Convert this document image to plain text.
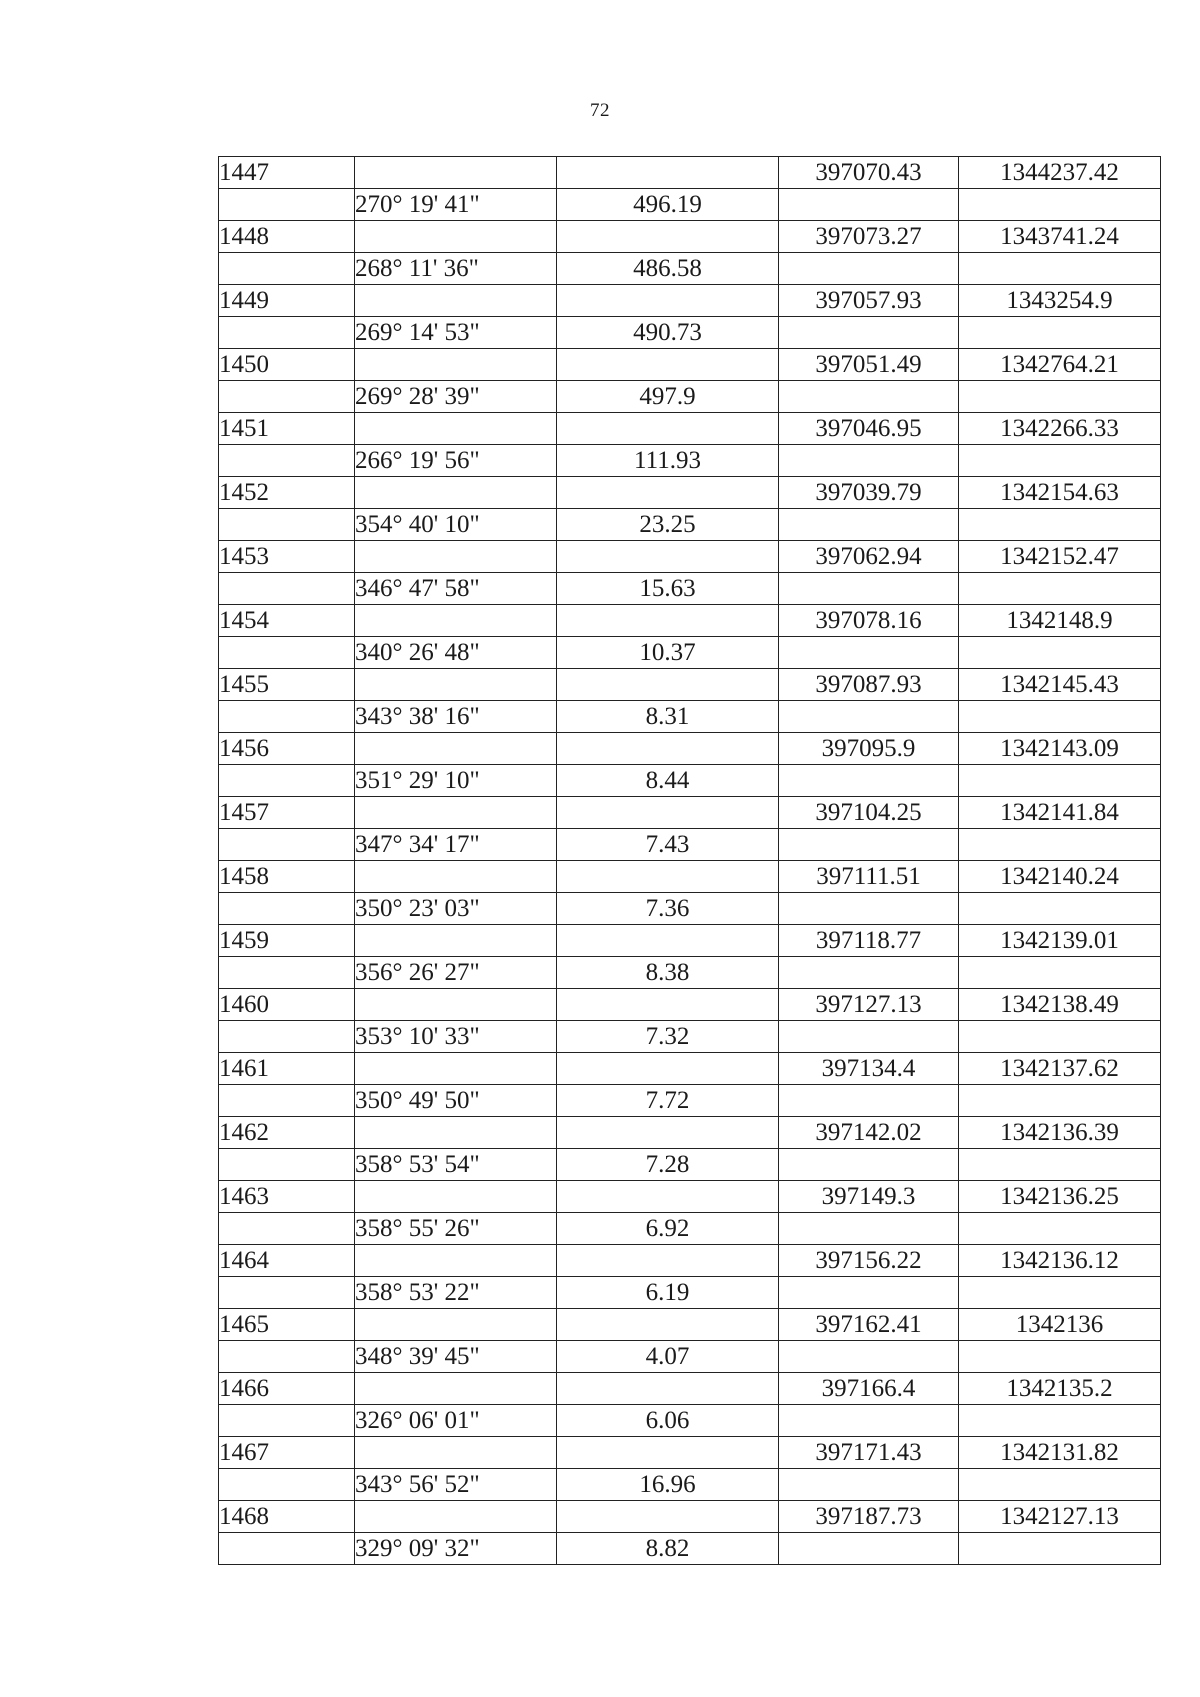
72
1447			397070.43	1344237.42
	270° 19' 41"	496.19		
1448			397073.27	1343741.24
	268° 11' 36"	486.58		
1449			397057.93	1343254.9
	269° 14' 53"	490.73		
1450			397051.49	1342764.21
	269° 28' 39"	497.9		
1451			397046.95	1342266.33
	266° 19' 56"	111.93		
1452			397039.79	1342154.63
	354° 40' 10"	23.25		
1453			397062.94	1342152.47
	346° 47' 58"	15.63		
1454			397078.16	1342148.9
	340° 26' 48"	10.37		
1455			397087.93	1342145.43
	343° 38' 16"	8.31		
1456			397095.9	1342143.09
	351° 29' 10"	8.44		
1457			397104.25	1342141.84
	347° 34' 17"	7.43		
1458			397111.51	1342140.24
	350° 23' 03"	7.36		
1459			397118.77	1342139.01
	356° 26' 27"	8.38		
1460			397127.13	1342138.49
	353° 10' 33"	7.32		
1461			397134.4	1342137.62
	350° 49' 50"	7.72		
1462			397142.02	1342136.39
	358° 53' 54"	7.28		
1463			397149.3	1342136.25
	358° 55' 26"	6.92		
1464			397156.22	1342136.12
	358° 53' 22"	6.19		
1465			397162.41	1342136
	348° 39' 45"	4.07		
1466			397166.4	1342135.2
	326° 06' 01"	6.06		
1467			397171.43	1342131.82
	343° 56' 52"	16.96		
1468			397187.73	1342127.13
	329° 09' 32"	8.82		
